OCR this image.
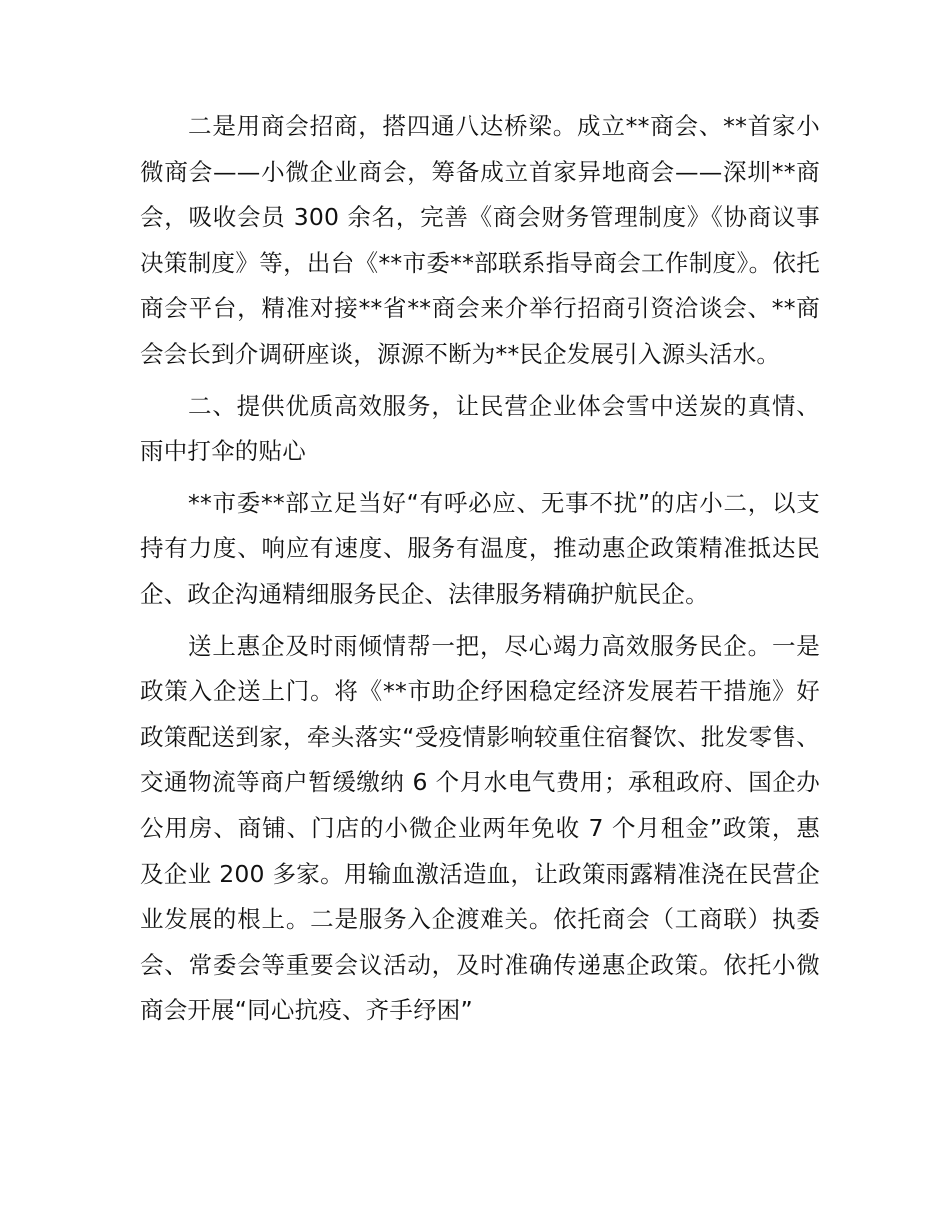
二是用商会招商，搭四通八达桥梁。成立**商会、**首家小微商会——小微企业商会，筹备成立首家异地商会——深圳**商会，吸收会员 300 余名，完善《商会财务管理制度》《协商议事决策制度》等，出台《**市委**部联系指导商会工作制度》。依托商会平台，精准对接**省**商会来介举行招商引资洽谈会、**商会会长到介调研座谈，源源不断为**民企发展引入源头活水。

二、提供优质高效服务，让民营企业体会雪中送炭的真情、雨中打伞的贴心

**市委**部立足当好“有呼必应、无事不扰”的店小二，以支持有力度、响应有速度、服务有温度，推动惠企政策精准抵达民企、政企沟通精细服务民企、法律服务精确护航民企。

送上惠企及时雨倾情帮一把，尽心竭力高效服务民企。一是政策入企送上门。将《**市助企纾困稳定经济发展若干措施》好政策配送到家，牵头落实“受疫情影响较重住宿餐饮、批发零售、交通物流等商户暂缓缴纳 6 个月水电气费用；承租政府、国企办公用房、商铺、门店的小微企业两年免收 7 个月租金”政策，惠及企业 200 多家。用输血激活造血，让政策雨露精准浇在民营企业发展的根上。二是服务入企渡难关。依托商会（工商联）执委会、常委会等重要会议活动，及时准确传递惠企政策。依托小微商会开展“同心抗疫、齐手纾困”
